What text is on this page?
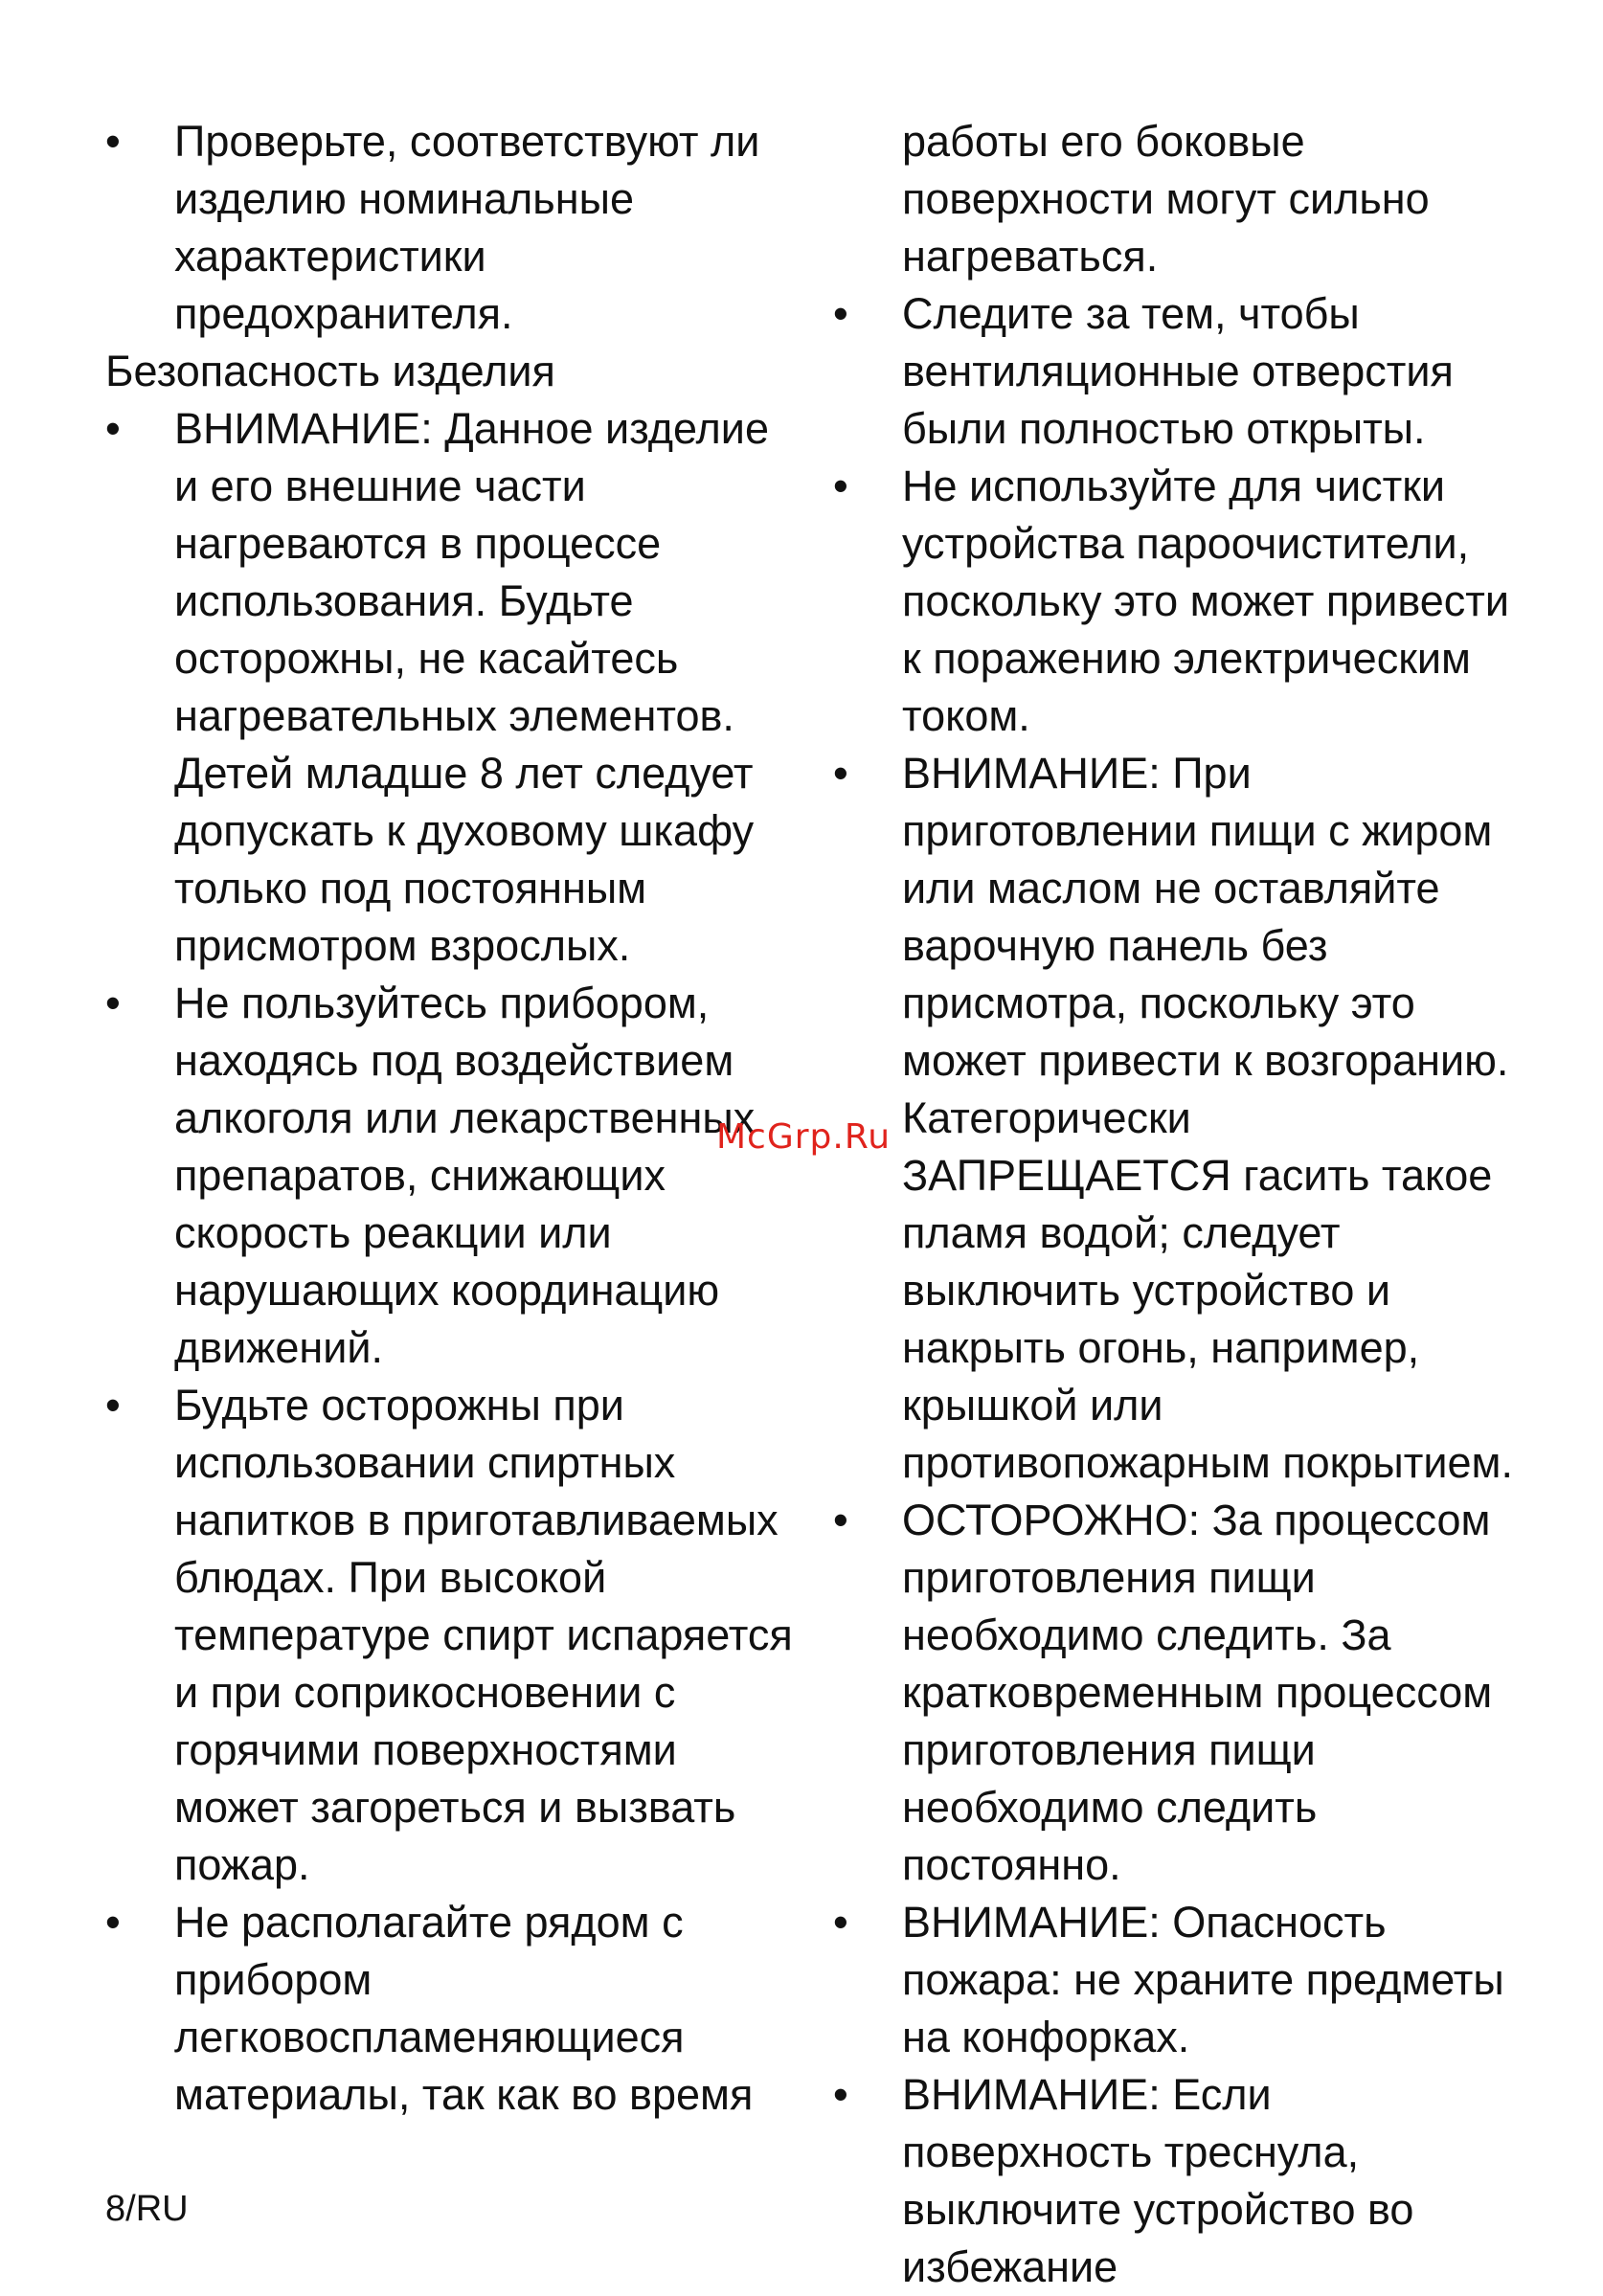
•	Проверьте, соответствуют ли изделию номинальные характеристики предохранителя.
Безопасность изделия
•	ВНИМАНИЕ: Данное изделие и его внешние части нагреваются в процессе использования. Будьте осторожны, не касайтесь нагревательных элементов. Детей младше 8 лет следует допускать к духовому шкафу только под постоянным присмотром взрослых.
•	Не пользуйтесь прибором, находясь под воздействием алкоголя или лекарственных препаратов, снижающих скорость реакции или нарушающих координацию движений.
•	Будьте осторожны при использовании спиртных напитков в приготавливаемых блюдах. При высокой температуре спирт испаряется и при соприкосновении с горячими поверхностями может загореться и вызвать пожар.
•	Не располагайте рядом с прибором легковоспламеняющиеся материалы, так как во время
работы его боковые поверхности могут сильно нагреваться.
•	Следите за тем, чтобы вентиляционные отверстия были полностью открыты.
•	Не используйте для чистки устройства пароочистители, поскольку это может привести к поражению электрическим током.
•	ВНИМАНИЕ: При приготовлении пищи с жиром или маслом не оставляйте варочную панель без присмотра, поскольку это может привести к возгоранию. Категорически ЗАПРЕЩАЕТСЯ гасить такое пламя водой; следует выключить устройство и накрыть огонь, например, крышкой или противопожарным покрытием.
•	ОСТОРОЖНО: За процессом приготовления пищи необходимо следить. За кратковременным процессом приготовления пищи необходимо следить постоянно.
•	ВНИМАНИЕ: Опасность пожара: не храните предметы на конфорках.
•	ВНИМАНИЕ: Если поверхность треснула, выключите устройство во избежание
McGrp.Ru
8/RU
